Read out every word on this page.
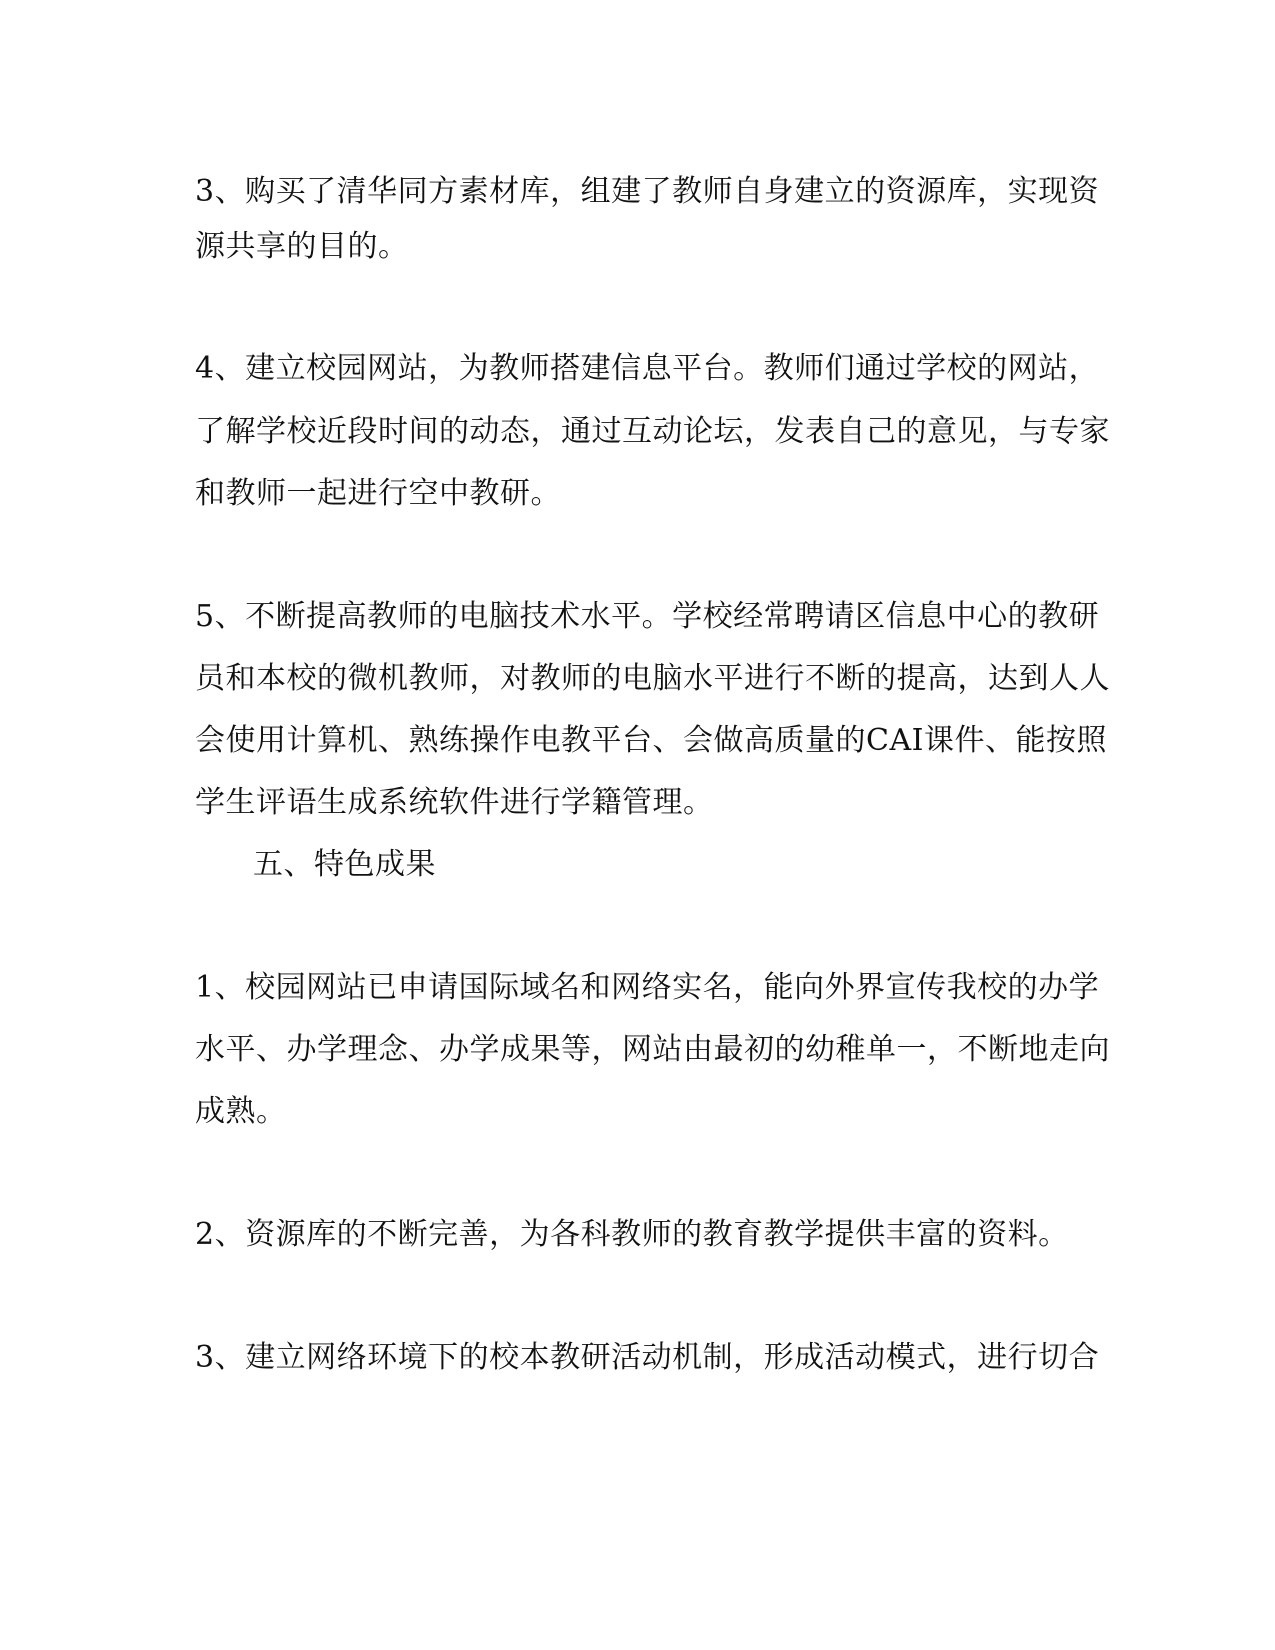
3、购买了清华同方素材库，组建了教师自身建立的资源库，实现资
源共享的目的。
4、建立校园网站，为教师搭建信息平台。教师们通过学校的网站，
了解学校近段时间的动态，通过互动论坛，发表自己的意见，与专家
和教师一起进行空中教研。
5、不断提高教师的电脑技术水平。学校经常聘请区信息中心的教研
员和本校的微机教师，对教师的电脑水平进行不断的提高，达到人人
会使用计算机、熟练操作电教平台、会做高质量的CAI课件、能按照
学生评语生成系统软件进行学籍管理。
五、特色成果
1、校园网站已申请国际域名和网络实名，能向外界宣传我校的办学
水平、办学理念、办学成果等，网站由最初的幼稚单一，不断地走向
成熟。
2、资源库的不断完善，为各科教师的教育教学提供丰富的资料。
3、建立网络环境下的校本教研活动机制，形成活动模式，进行切合
